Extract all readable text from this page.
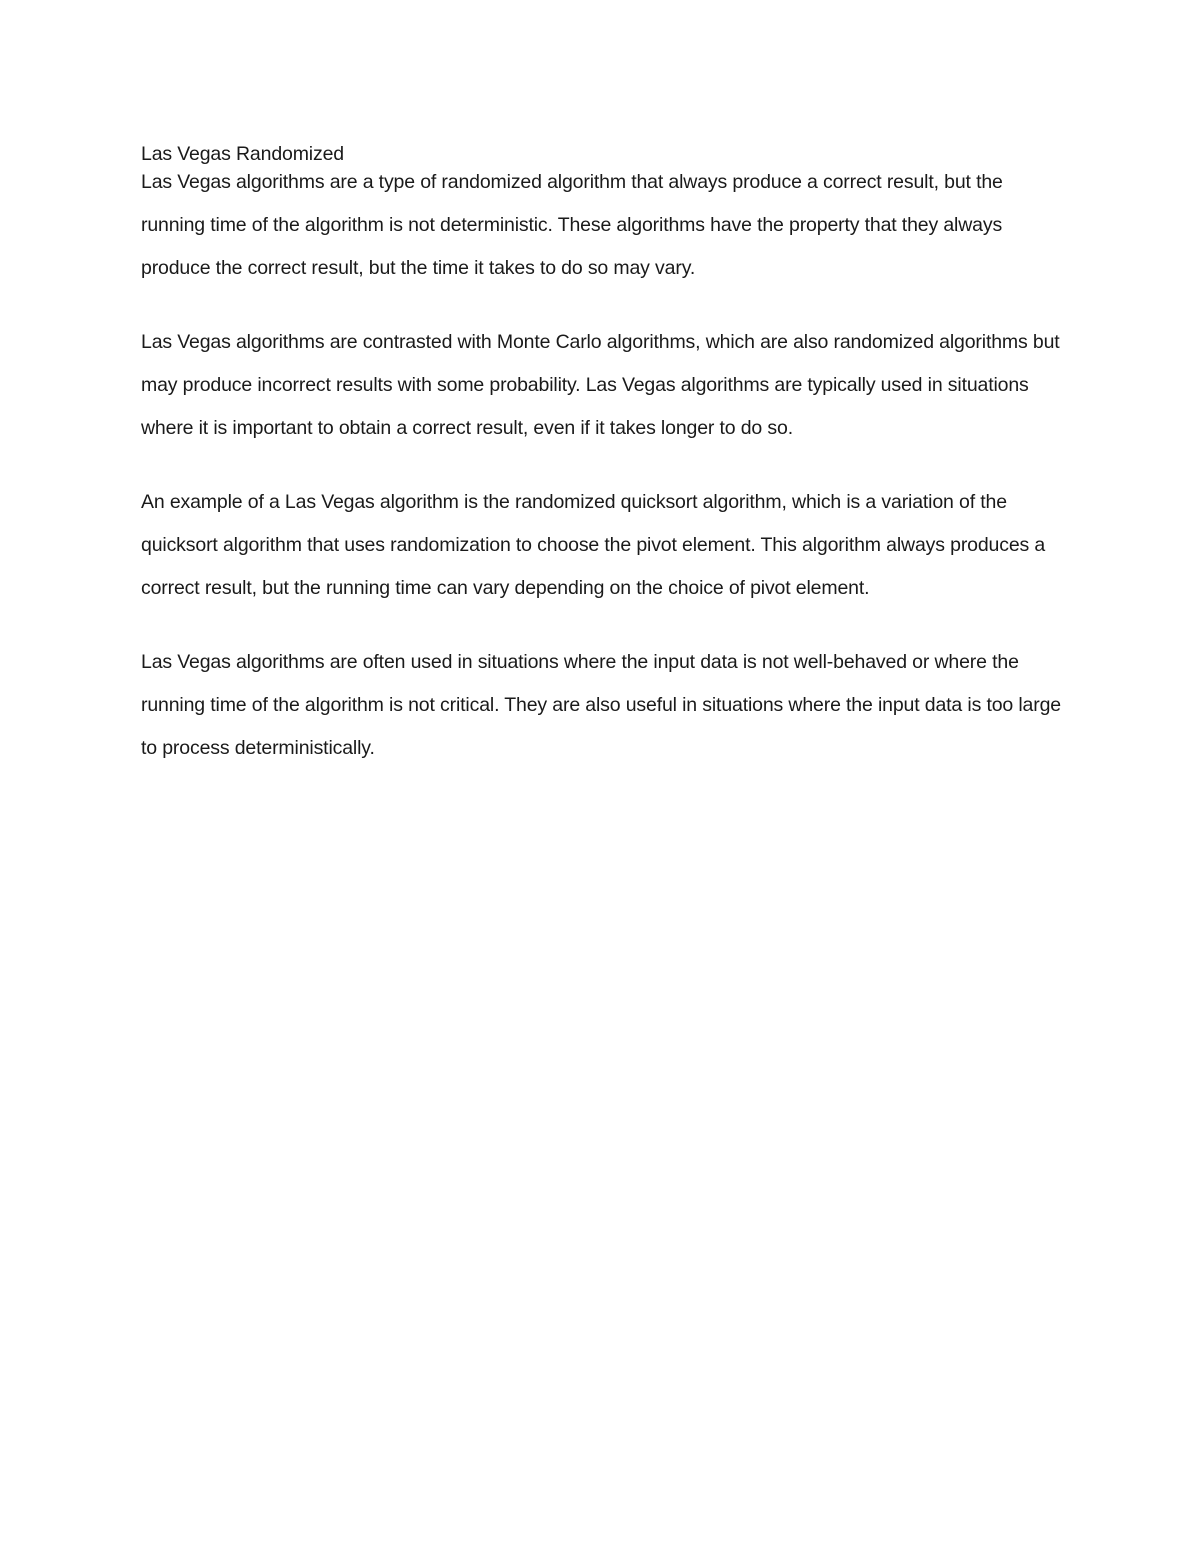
Las Vegas Randomized

Las Vegas algorithms are a type of randomized algorithm that always produce a correct result, but the running time of the algorithm is not deterministic. These algorithms have the property that they always produce the correct result, but the time it takes to do so may vary.

Las Vegas algorithms are contrasted with Monte Carlo algorithms, which are also randomized algorithms but may produce incorrect results with some probability. Las Vegas algorithms are typically used in situations where it is important to obtain a correct result, even if it takes longer to do so.

An example of a Las Vegas algorithm is the randomized quicksort algorithm, which is a variation of the quicksort algorithm that uses randomization to choose the pivot element. This algorithm always produces a correct result, but the running time can vary depending on the choice of pivot element.

Las Vegas algorithms are often used in situations where the input data is not well-behaved or where the running time of the algorithm is not critical. They are also useful in situations where the input data is too large to process deterministically.
